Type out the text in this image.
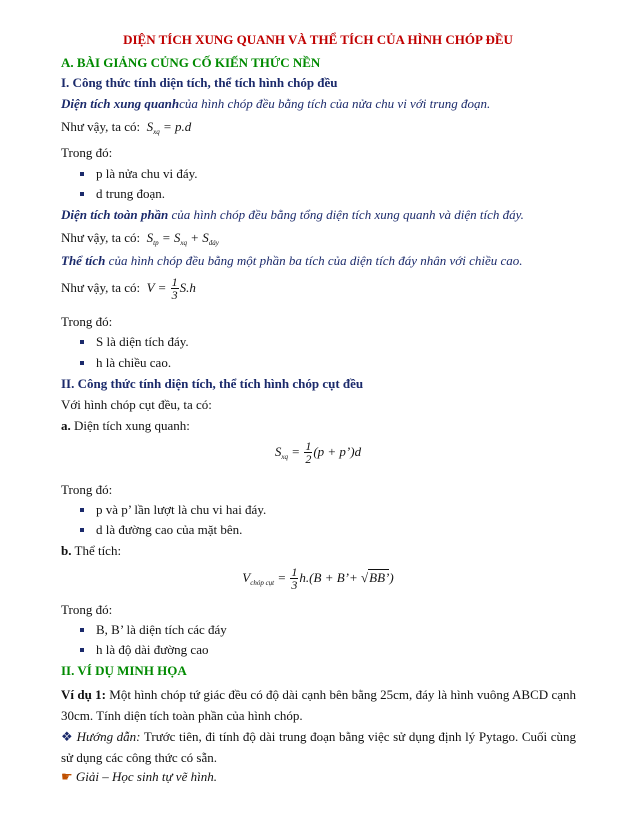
DIỆN TÍCH XUNG QUANH VÀ THỂ TÍCH CỦA HÌNH CHÓP ĐỀU
A. BÀI GIẢNG CỦNG CỐ KIẾN THỨC NỀN
I. Công thức tính diện tích, thể tích hình chóp đều
Diện tích xung quanhcủa hình chóp đều bằng tích của nửa chu vi với trung đoạn.
Như vậy, ta có:  $S_{xq} = p.d$
Trong đó:
p là nửa chu vi đáy.
d trung đoạn.
Diện tích toàn phần của hình chóp đều bằng tổng diện tích xung quanh và diện tích đáy.
Như vậy, ta có:  $S_{tp} = S_{xq} + S_{đáy}$
Thể tích của hình chóp đều bằng một phần ba tích của diện tích đáy nhân với chiều cao.
Như vậy, ta có:  $V = \frac{1}{3} S.h$
Trong đó:
S là diện tích đáy.
h là chiều cao.
II. Công thức tính diện tích, thể tích hình chóp cụt đều
Với hình chóp cụt đều, ta có:
a. Diện tích xung quanh:
$S_{xq} = \frac{1}{2} (p$ + p’)d
Trong đó:
p và p’ lần lượt là chu vi hai đáy.
d là đường cao của mặt bên.
b. Thể tích:
$V_{chóp cụt} = \frac{1}{3} h.(B$ + B’+ √BB’)
Trong đó:
B, B’ là diện tích các đáy
h là độ dài đường cao
II. VÍ DỤ MINH HỌA
Ví dụ 1: Một hình chóp tứ giác đều có độ dài cạnh bên bằng 25cm, đáy là hình vuông ABCD cạnh 30cm. Tính diện tích toàn phần của hình chóp.
❖ Hướng dẫn: Trước tiên, đi tính độ dài trung đoạn bằng việc sử dụng định lý Pytago. Cuối cùng sử dụng các công thức có sẵn.
☛ Giải – Học sinh tự vẽ hình.
